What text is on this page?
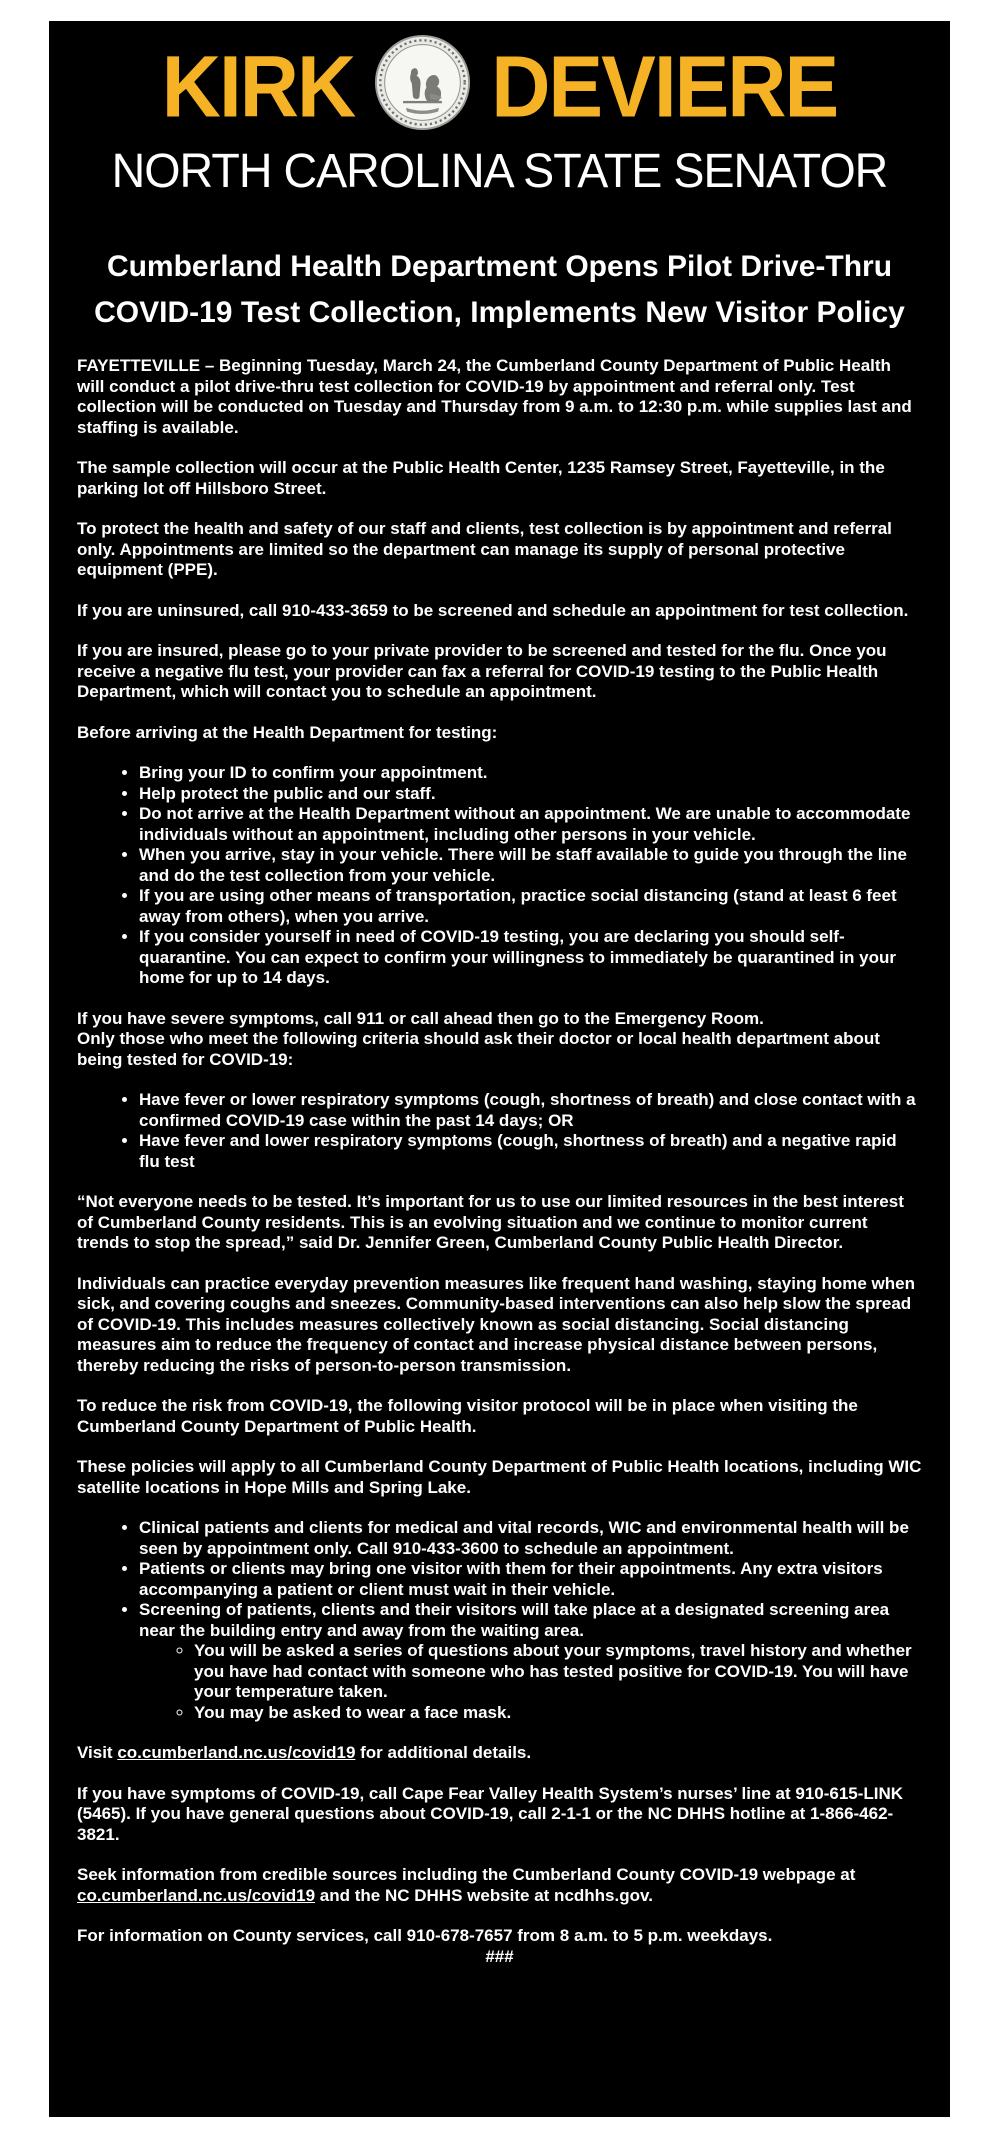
KIRK DEVIERE
NORTH CAROLINA STATE SENATOR
Cumberland Health Department Opens Pilot Drive-Thru
COVID-19 Test Collection, Implements New Visitor Policy

FAYETTEVILLE – Beginning Tuesday, March 24, the Cumberland County Department of Public Health will conduct a pilot drive-thru test collection for COVID-19 by appointment and referral only. Test collection will be conducted on Tuesday and Thursday from 9 a.m. to 12:30 p.m. while supplies last and staffing is available.

The sample collection will occur at the Public Health Center, 1235 Ramsey Street, Fayetteville, in the parking lot off Hillsboro Street.

To protect the health and safety of our staff and clients, test collection is by appointment and referral only. Appointments are limited so the department can manage its supply of personal protective equipment (PPE).

If you are uninsured, call 910-433-3659 to be screened and schedule an appointment for test collection.

If you are insured, please go to your private provider to be screened and tested for the flu. Once you receive a negative flu test, your provider can fax a referral for COVID-19 testing to the Public Health Department, which will contact you to schedule an appointment.

Before arriving at the Health Department for testing:

• Bring your ID to confirm your appointment.
• Help protect the public and our staff.
• Do not arrive at the Health Department without an appointment. We are unable to accommodate individuals without an appointment, including other persons in your vehicle.
• When you arrive, stay in your vehicle. There will be staff available to guide you through the line and do the test collection from your vehicle.
• If you are using other means of transportation, practice social distancing (stand at least 6 feet away from others), when you arrive.
• If you consider yourself in need of COVID-19 testing, you are declaring you should self-quarantine. You can expect to confirm your willingness to immediately be quarantined in your home for up to 14 days.

If you have severe symptoms, call 911 or call ahead then go to the Emergency Room.
Only those who meet the following criteria should ask their doctor or local health department about being tested for COVID-19:

• Have fever or lower respiratory symptoms (cough, shortness of breath) and close contact with a confirmed COVID-19 case within the past 14 days; OR
• Have fever and lower respiratory symptoms (cough, shortness of breath) and a negative rapid flu test

“Not everyone needs to be tested. It’s important for us to use our limited resources in the best interest of Cumberland County residents. This is an evolving situation and we continue to monitor current trends to stop the spread,” said Dr. Jennifer Green, Cumberland County Public Health Director.

Individuals can practice everyday prevention measures like frequent hand washing, staying home when sick, and covering coughs and sneezes. Community-based interventions can also help slow the spread of COVID-19. This includes measures collectively known as social distancing. Social distancing measures aim to reduce the frequency of contact and increase physical distance between persons, thereby reducing the risks of person-to-person transmission.

To reduce the risk from COVID-19, the following visitor protocol will be in place when visiting the Cumberland County Department of Public Health.

These policies will apply to all Cumberland County Department of Public Health locations, including WIC satellite locations in Hope Mills and Spring Lake.

• Clinical patients and clients for medical and vital records, WIC and environmental health will be seen by appointment only. Call 910-433-3600 to schedule an appointment.
• Patients or clients may bring one visitor with them for their appointments. Any extra visitors accompanying a patient or client must wait in their vehicle.
• Screening of patients, clients and their visitors will take place at a designated screening area near the building entry and away from the waiting area.
◦ You will be asked a series of questions about your symptoms, travel history and whether you have had contact with someone who has tested positive for COVID-19. You will have your temperature taken.
◦ You may be asked to wear a face mask.

Visit co.cumberland.nc.us/covid19 for additional details.

If you have symptoms of COVID-19, call Cape Fear Valley Health System’s nurses’ line at 910-615-LINK (5465). If you have general questions about COVID-19, call 2-1-1 or the NC DHHS hotline at 1-866-462-3821.

Seek information from credible sources including the Cumberland County COVID-19 webpage at co.cumberland.nc.us/covid19 and the NC DHHS website at ncdhhs.gov.

For information on County services, call 910-678-7657 from 8 a.m. to 5 p.m. weekdays.

###
